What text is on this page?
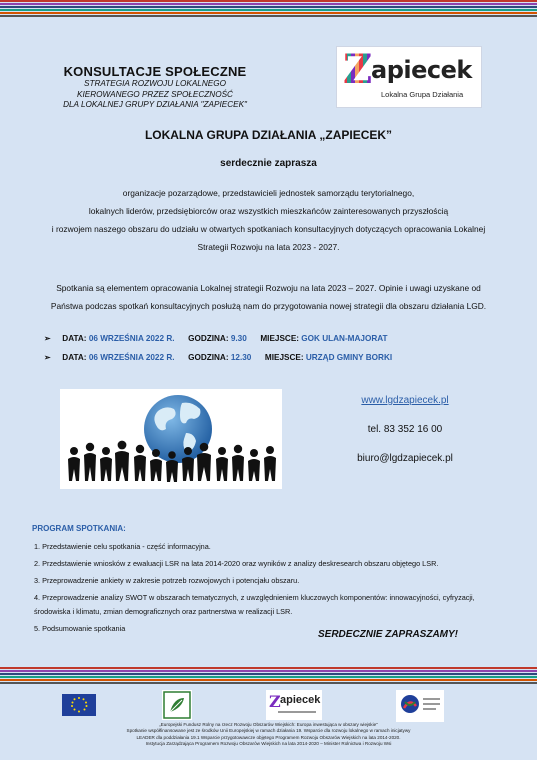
KONSULTACJE SPOŁECZNE
STRATEGIA ROZWOJU LOKALNEGO
KIEROWANEGO PRZEZ SPOŁECZNOŚĆ
DLA LOKALNEJ GRUPY DZIAŁANIA "ZAPIECEK"
Z
apiecek
Lokalna Grupa Działania
LOKALNA GRUPA DZIAŁANIA „ZAPIECEK”
serdecznie zaprasza
organizacje pozarządowe, przedstawicieli jednostek samorządu terytorialnego,
lokalnych liderów, przedsiębiorców oraz wszystkich mieszkańców zainteresowanych przyszłością
i rozwojem naszego obszaru do udziału w otwartych spotkaniach konsultacyjnych dotyczących opracowania Lokalnej
Strategii Rozwoju na lata 2023 - 2027.
Spotkania są elementem opracowania Lokalnej strategii Rozwoju na lata 2023 – 2027. Opinie i uwagi uzyskane od
Państwa podczas spotkań konsultacyjnych posłużą nam do przygotowania nowej strategii dla obszaru działania LGD.
➢ DATA: 06 WRZEŚNIA 2022 R. GODZINA: 9.30 MIEJSCE: GOK ULAN-MAJORAT
➢ DATA: 06 WRZEŚNIA 2022 R. GODZINA: 12.30 MIEJSCE: URZĄD GMINY BORKI
www.lgdzapiecek.pl
tel. 83 352 16 00
biuro@lgdzapiecek.pl
PROGRAM SPOTKANIA:
1. Przedstawienie celu spotkania - część informacyjna.
2. Przedstawienie wniosków z ewaluacji LSR na lata 2014-2020 oraz wyników z analizy deskresearch obszaru objętego LSR.
3. Przeprowadzenie ankiety w zakresie potrzeb rozwojowych i potencjału obszaru.
4. Przeprowadzenie analizy SWOT w obszarach tematycznych, z uwzględnieniem kluczowych komponentów: innowacyjności, cyfryzacji, środowiska i klimatu, zmian demograficznych oraz partnerstwa w realizacji LSR.
5. Podsumowanie spotkania
SERDECZNIE ZAPRASZAMY!
Z apiecek
„Europejski Fundusz Rolny na rzecz Rozwoju Obszarów Wiejskich: Europa inwestująca w obszary wiejskie"
Spotkanie współfinansowane jest ze środków Unii Europejskiej w ramach działania 19. Wsparcie dla rozwoju lokalnego w ramach inicjatywy
LEADER dla poddziałania 19.1 Wsparcie przygotowawcze objętego Programem Rozwoju Obszarów Wiejskich na lata 2014-2020.
Instytucja Zarządzająca Programem Rozwoju Obszarów Wiejskich na lata 2014-2020 – Minister Rolnictwa i Rozwoju Wsi
